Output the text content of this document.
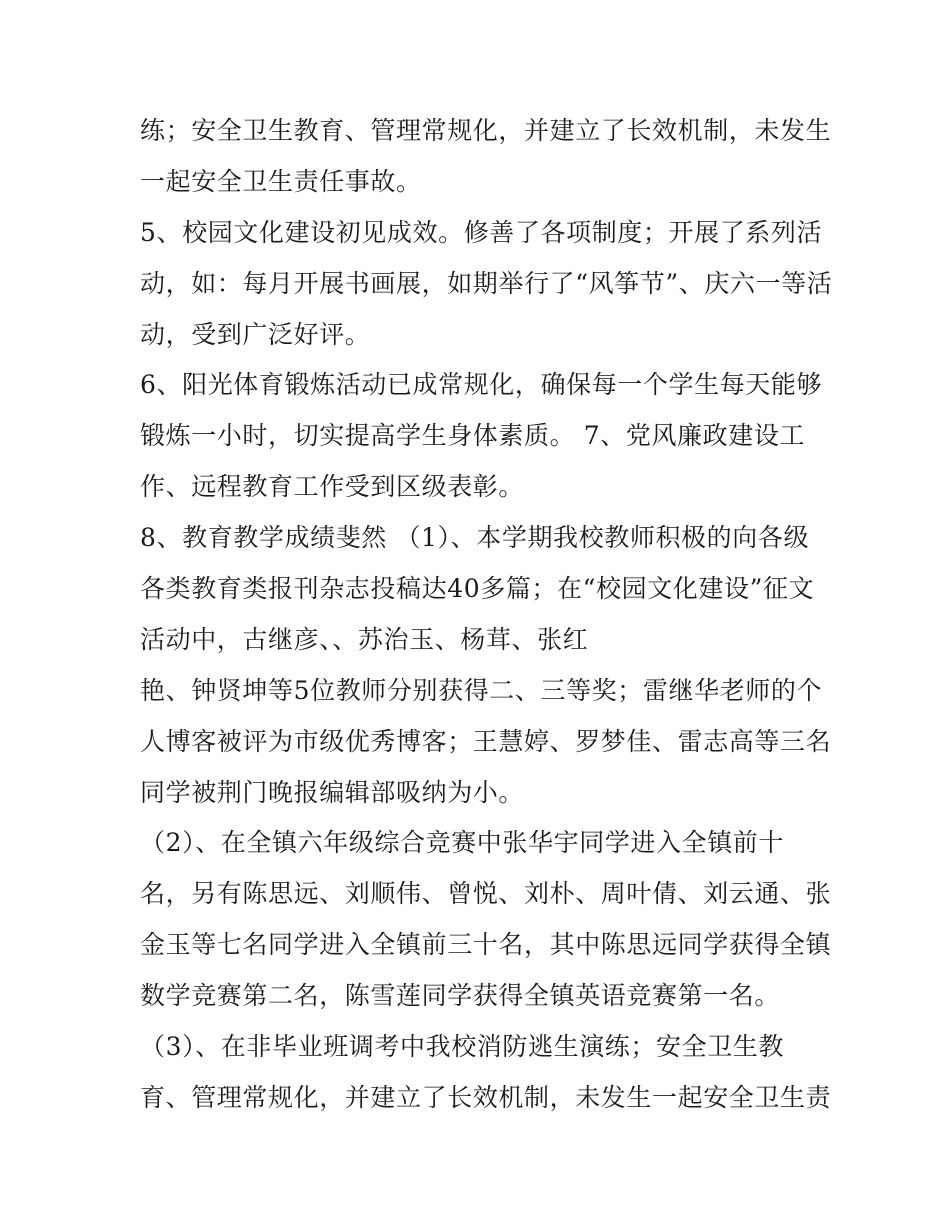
练；安全卫生教育、管理常规化，并建立了长效机制，未发生
一起安全卫生责任事故。
5、校园文化建设初见成效。修善了各项制度；开展了系列活
动，如：每月开展书画展，如期举行了“风筝节”、庆六一等活
动，受到广泛好评。
6、阳光体育锻炼活动已成常规化，确保每一个学生每天能够
锻炼一小时，切实提高学生身体素质。 7、党风廉政建设工
作、远程教育工作受到区级表彰。
8、教育教学成绩斐然 （1）、本学期我校教师积极的向各级
各类教育类报刊杂志投稿达40多篇；在“校园文化建设”征文
活动中，古继彦、、苏治玉、杨茸、张红
艳、钟贤坤等5位教师分别获得二、三等奖；雷继华老师的个
人博客被评为市级优秀博客；王慧婷、罗梦佳、雷志高等三名
同学被荆门晚报编辑部吸纳为小。
（2）、在全镇六年级综合竞赛中张华宇同学进入全镇前十
名，另有陈思远、刘顺伟、曾悦、刘朴、周叶倩、刘云通、张
金玉等七名同学进入全镇前三十名，其中陈思远同学获得全镇
数学竞赛第二名，陈雪莲同学获得全镇英语竞赛第一名。
（3）、在非毕业班调考中我校消防逃生演练；安全卫生教
育、管理常规化，并建立了长效机制，未发生一起安全卫生责
